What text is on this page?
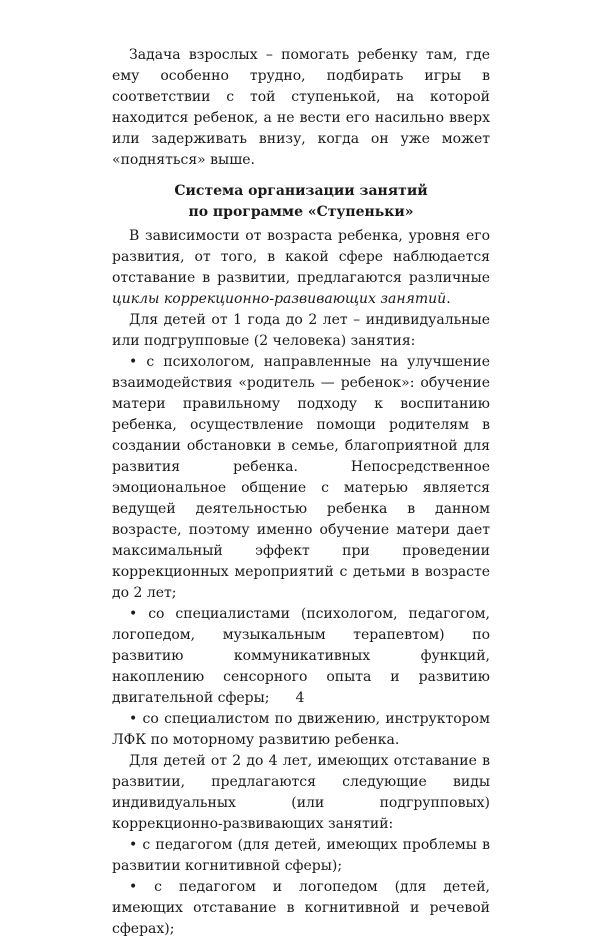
Задача взрослых – помогать ребенку там, где ему особенно трудно, подбирать игры в соответствии с той ступенькой, на которой находится ребенок, а не вести его насильно вверх или задерживать внизу, когда он уже может «подняться» выше.

Система организации занятий
по программе «Ступеньки»

В зависимости от возраста ребенка, уровня его развития, от того, в какой сфере наблюдается отставание в развитии, предлагаются различные циклы коррекционно-развивающих занятий.

Для детей от 1 года до 2 лет – индивидуальные или подгрупповые (2 человека) занятия:

• с психологом, направленные на улучшение взаимодействия «родитель — ребенок»: обучение матери правильному подходу к воспитанию ребенка, осуществление помощи родителям в создании обстановки в семье, благоприятной для развития ребенка. Непосредственное эмоциональное общение с матерью является ведущей деятельностью ребенка в данном возрасте, поэтому именно обучение матери дает максимальный эффект при проведении коррекционных мероприятий с детьми в возрасте до 2 лет;

• со специалистами (психологом, педагогом, логопедом, музыкальным терапевтом) по развитию коммуникативных функций, накоплению сенсорного опыта и развитию двигательной сферы;

• со специалистом по движению, инструктором ЛФК по моторному развитию ребенка.

Для детей от 2 до 4 лет, имеющих отставание в развитии, предлагаются следующие виды индивидуальных (или подгрупповых) коррекционно-развивающих занятий:

• с педагогом (для детей, имеющих проблемы в развитии когнитивной сферы);

• с педагогом и логопедом (для детей, имеющих отставание в когнитивной и речевой сферах);

4
